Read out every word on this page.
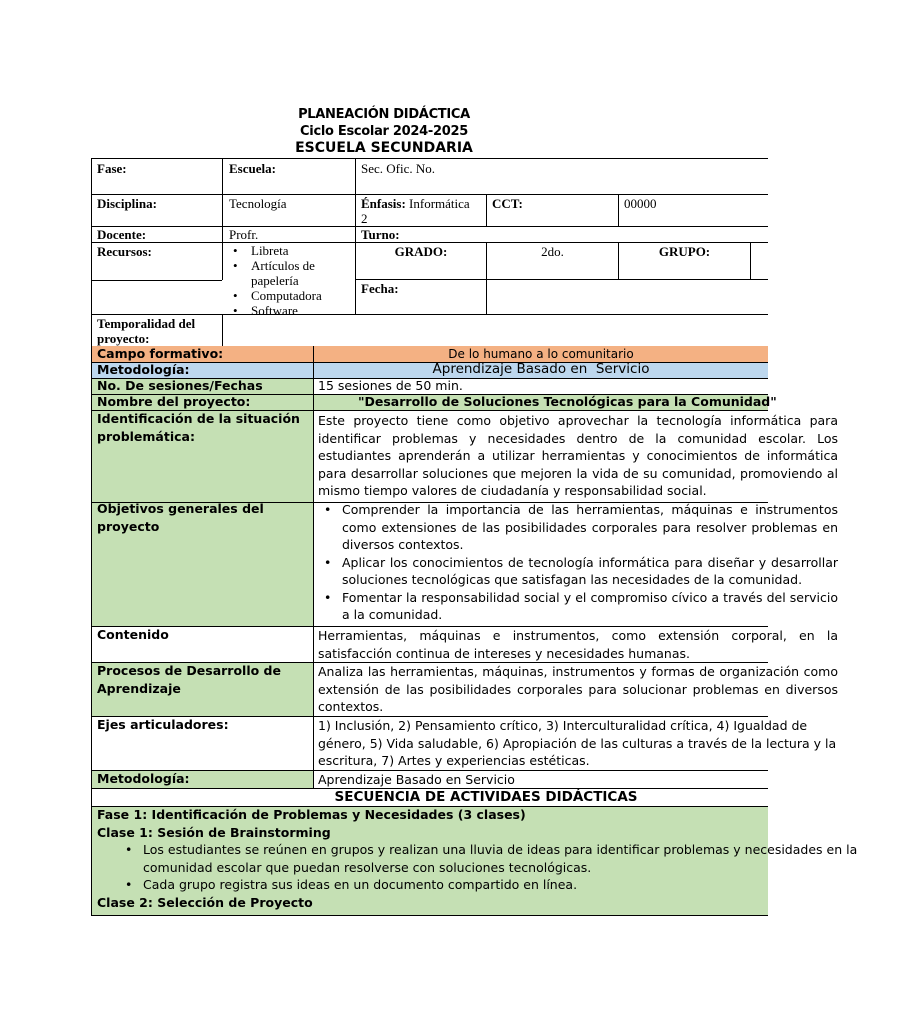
PLANEACIÓN DIDÁCTICA
Ciclo Escolar 2024-2025
ESCUELA SECUNDARIA
Fase:	Escuela:	Sec. Ofic. No.
Disciplina:	Tecnología	Énfasis: Informática
2
CCT:	00000
Docente:	Profr.	Turno:
Recursos:
•	Libreta
• Artículos de papelería
• Computadora
• Software
GRADO:	2do.	GRUPO:
Fecha:
Temporalidad del proyecto:
Campo formativo:	De lo humano a lo comunitario
Metodología:	Aprendizaje Basado en  Servicio
No. De sesiones/Fechas	15 sesiones de 50 min.
Nombre del proyecto:	"Desarrollo de Soluciones Tecnológicas para la Comunidad"
Identificación de la situación problemática:
Este proyecto tiene como objetivo aprovechar la tecnología informática para identificar problemas y necesidades dentro de la comunidad escolar. Los estudiantes aprenderán a utilizar herramientas y conocimientos de informática para desarrollar soluciones que mejoren la vida de su comunidad, promoviendo al mismo tiempo valores de ciudadanía y responsabilidad social.
Objetivos generales del proyecto
• Comprender la importancia de las herramientas, máquinas e instrumentos como extensiones de las posibilidades corporales para resolver problemas en diversos contextos.
• Aplicar los conocimientos de tecnología informática para diseñar y desarrollar soluciones tecnológicas que satisfagan las necesidades de la comunidad.
• Fomentar la responsabilidad social y el compromiso cívico a través del servicio a la comunidad.
Contenido	Herramientas, máquinas e instrumentos, como extensión corporal, en la satisfacción continua de intereses y necesidades humanas.
Procesos de Desarrollo de Aprendizaje
Analiza las herramientas, máquinas, instrumentos y formas de organización como extensión de las posibilidades corporales para solucionar problemas en diversos contextos.
Ejes articuladores:	1) Inclusión, 2) Pensamiento crítico, 3) Interculturalidad crítica, 4) Igualdad de género, 5) Vida saludable, 6) Apropiación de las culturas a través de la lectura y la escritura, 7) Artes y experiencias estéticas.
Metodología:	Aprendizaje Basado en Servicio
SECUENCIA DE ACTIVIDAES DIDÁCTICAS
Fase 1: Identificación de Problemas y Necesidades (3 clases)
Clase 1: Sesión de Brainstorming
• Los estudiantes se reúnen en grupos y realizan una lluvia de ideas para identificar problemas y necesidades en la comunidad escolar que puedan resolverse con soluciones tecnológicas.
• Cada grupo registra sus ideas en un documento compartido en línea.
Clase 2: Selección de Proyecto
